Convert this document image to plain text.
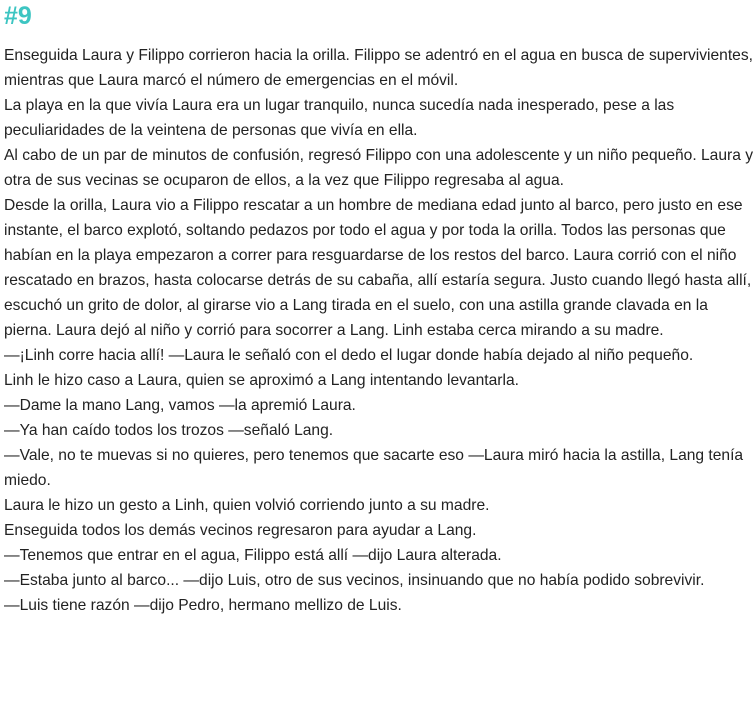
#9

Enseguida Laura y Filippo corrieron hacia la orilla. Filippo se adentró en el agua en busca de supervivientes, mientras que Laura marcó el número de emergencias en el móvil.

La playa en la que vivía Laura era un lugar tranquilo, nunca sucedía nada inesperado, pese a las peculiaridades de la veintena de personas que vivía en ella.

Al cabo de un par de minutos de confusión, regresó Filippo con una adolescente y un niño pequeño. Laura y otra de sus vecinas se ocuparon de ellos, a la vez que Filippo regresaba al agua.

Desde la orilla, Laura vio a Filippo rescatar a un hombre de mediana edad junto al barco, pero justo en ese instante, el barco explotó, soltando pedazos por todo el agua y por toda la orilla. Todos las personas que habían en la playa empezaron a correr para resguardarse de los restos del barco. Laura corrió con el niño rescatado en brazos, hasta colocarse detrás de su cabaña, allí estaría segura. Justo cuando llegó hasta allí, escuchó un grito de dolor, al girarse vio a Lang tirada en el suelo, con una astilla grande clavada en la pierna. Laura dejó al niño y corrió para socorrer a Lang. Linh estaba cerca mirando a su madre.

—¡Linh corre hacia allí! —Laura le señaló con el dedo el lugar donde había dejado al niño pequeño.

Linh le hizo caso a Laura, quien se aproximó a Lang intentando levantarla.

—Dame la mano Lang, vamos —la apremió Laura.

—Ya han caído todos los trozos —señaló Lang.

—Vale, no te muevas si no quieres, pero tenemos que sacarte eso —Laura miró hacia la astilla, Lang tenía miedo.

Laura le hizo un gesto a Linh, quien volvió corriendo junto a su madre.

Enseguida todos los demás vecinos regresaron para ayudar a Lang.

—Tenemos que entrar en el agua, Filippo está allí —dijo Laura alterada.

—Estaba junto al barco... —dijo Luis, otro de sus vecinos, insinuando que no había podido sobrevivir.

—Luis tiene razón —dijo Pedro, hermano mellizo de Luis.
